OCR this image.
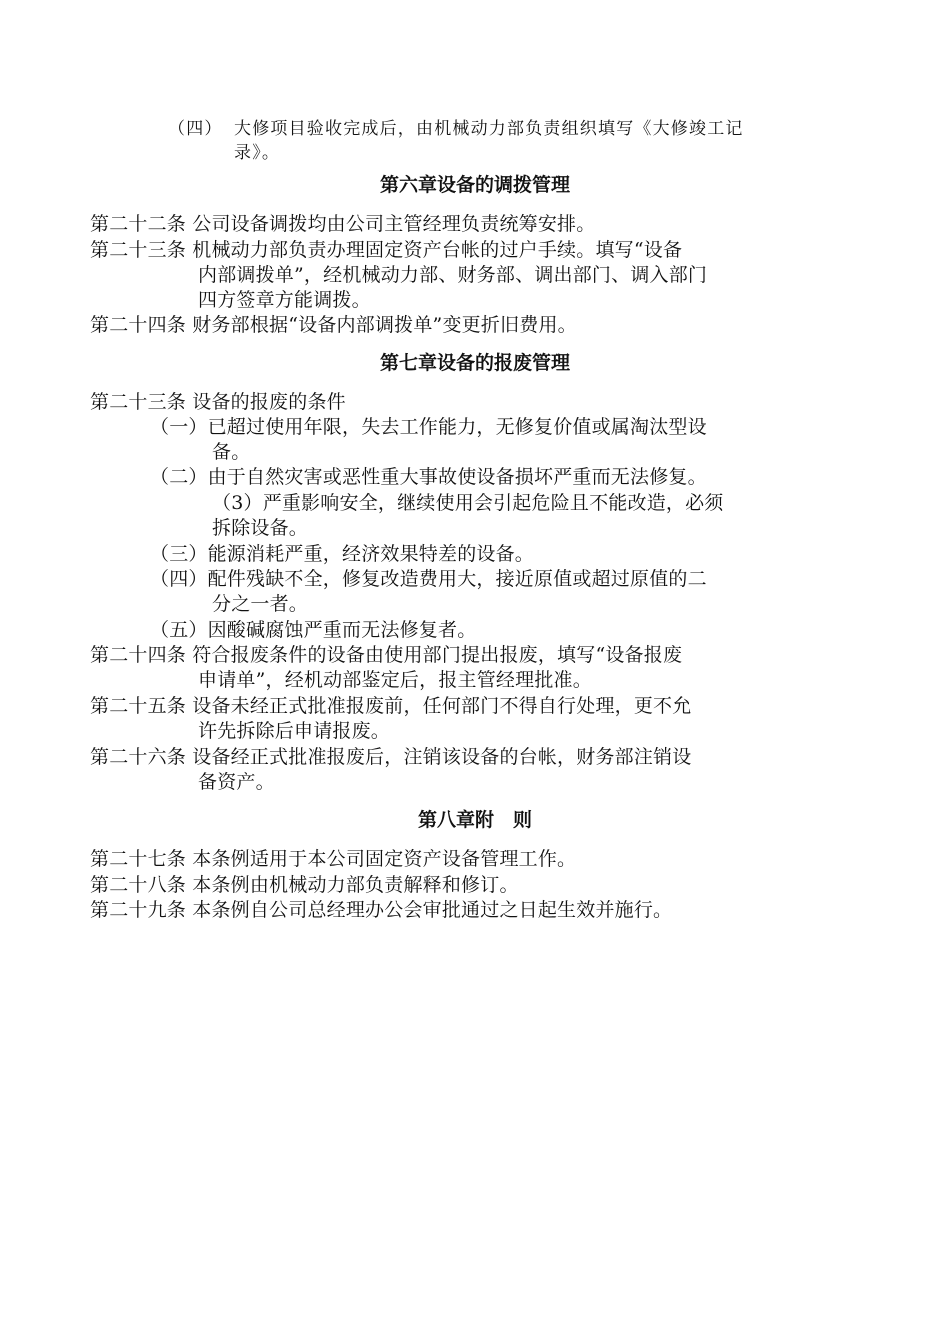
（四） 大修项目验收完成后，由机械动力部负责组织填写《大修竣工记
录》。
第六章设备的调拨管理
第二十二条 公司设备调拨均由公司主管经理负责统筹安排。
第二十三条 机械动力部负责办理固定资产台帐的过户手续。填写“设备
内部调拨单”，经机械动力部、财务部、调出部门、调入部门
四方签章方能调拨。
第二十四条 财务部根据“设备内部调拨单”变更折旧费用。
第七章设备的报废管理
第二十三条 设备的报废的条件
（一）已超过使用年限，失去工作能力，无修复价值或属淘汰型设
备。
（二）由于自然灾害或恶性重大事故使设备损坏严重而无法修复。
（3）严重影响安全，继续使用会引起危险且不能改造，必须
拆除设备。
（三）能源消耗严重，经济效果特差的设备。
（四）配件残缺不全，修复改造费用大，接近原值或超过原值的二
分之一者。
（五）因酸碱腐蚀严重而无法修复者。
第二十四条 符合报废条件的设备由使用部门提出报废，填写“设备报废
申请单”，经机动部鉴定后，报主管经理批准。
第二十五条 设备未经正式批准报废前，任何部门不得自行处理，更不允
许先拆除后申请报废。
第二十六条 设备经正式批准报废后，注销该设备的台帐，财务部注销设
备资产。
第八章附　则
第二十七条 本条例适用于本公司固定资产设备管理工作。
第二十八条 本条例由机械动力部负责解释和修订。
第二十九条 本条例自公司总经理办公会审批通过之日起生效并施行。
